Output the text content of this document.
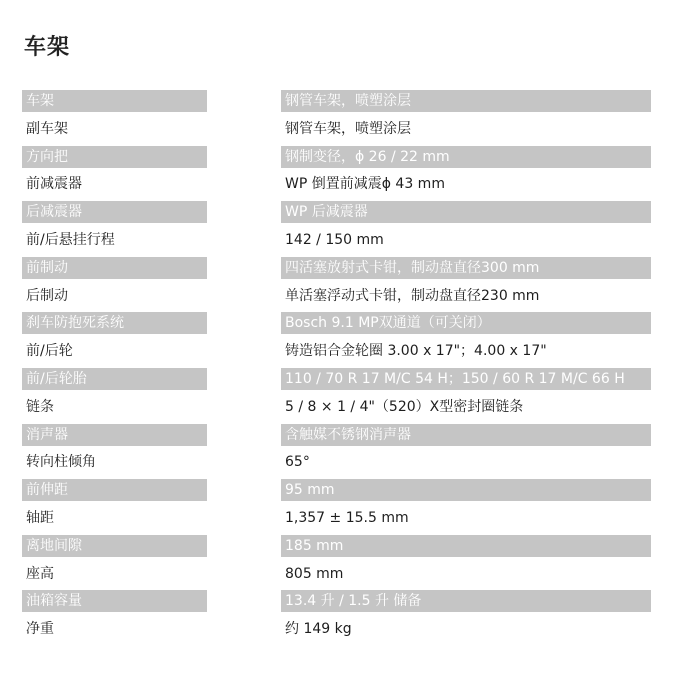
车架
车架	钢管车架，喷塑涂层
副车架	钢管车架，喷塑涂层
方向把	钢制变径，ϕ 26 / 22 mm
前减震器	WP 倒置前减震ϕ 43 mm
后减震器	WP 后减震器
前/后悬挂行程	142 / 150 mm
前制动	四活塞放射式卡钳，制动盘直径300 mm
后制动	单活塞浮动式卡钳，制动盘直径230 mm
刹车防抱死系统	Bosch 9.1 MP双通道（可关闭）
前/后轮	铸造铝合金轮圈 3.00 x 17"；4.00 x 17"
前/后轮胎	110 / 70 R 17 M/C 54 H；150 / 60 R 17 M/C 66 H
链条	5 / 8 × 1 / 4"（520）X型密封圈链条
消声器	含触媒不锈钢消声器
转向柱倾角	65°
前伸距	95 mm
轴距	1,357 ± 15.5 mm
离地间隙	185 mm
座高	805 mm
油箱容量	13.4 升 / 1.5 升 储备
净重	约 149 kg
